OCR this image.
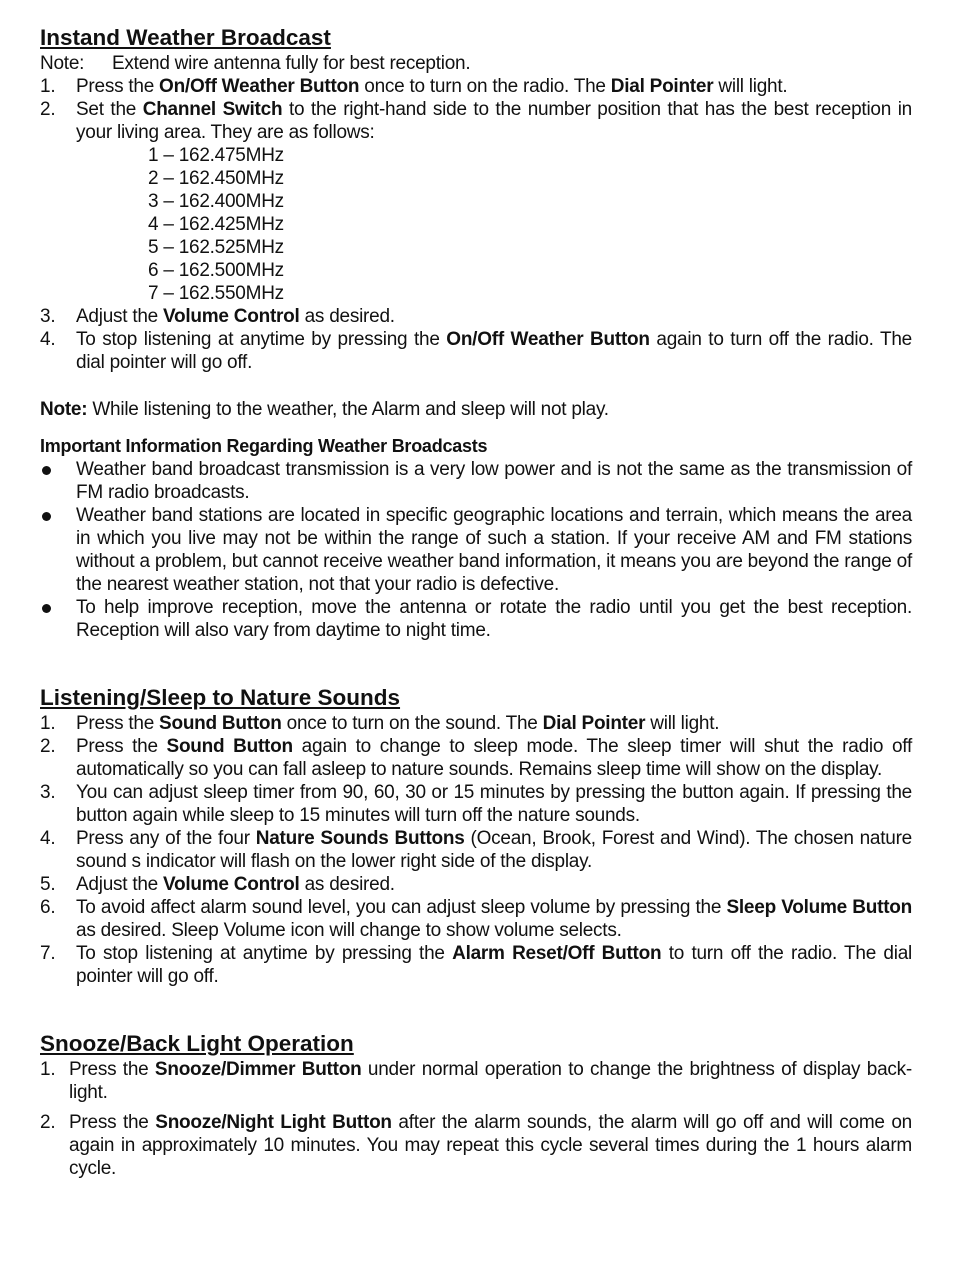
Instand Weather Broadcast

Note: Extend wire antenna fully for best reception.

1. Press the On/Off Weather Button once to turn on the radio. The Dial Pointer will light.
2. Set the Channel Switch to the right-hand side to the number position that has the best reception in your living area. They are as follows:
1 – 162.475MHz
2 – 162.450MHz
3 – 162.400MHz
4 – 162.425MHz
5 – 162.525MHz
6 – 162.500MHz
7 – 162.550MHz
3. Adjust the Volume Control as desired.
4. To stop listening at anytime by pressing the On/Off Weather Button again to turn off the radio. The dial pointer will go off.

Note: While listening to the weather, the Alarm and sleep will not play.

Important Information Regarding Weather Broadcasts

Weather band broadcast transmission is a very low power and is not the same as the transmission of FM radio broadcasts.
Weather band stations are located in specific geographic locations and terrain, which means the area in which you live may not be within the range of such a station. If your receive AM and FM stations without a problem, but cannot receive weather band information, it means you are beyond the range of the nearest weather station, not that your radio is defective.
To help improve reception, move the antenna or rotate the radio until you get the best reception. Reception will also vary from daytime to night time.
Listening/Sleep to Nature Sounds
1. Press the Sound Button once to turn on the sound. The Dial Pointer will light.
2. Press the Sound Button again to change to sleep mode. The sleep timer will shut the radio off automatically so you can fall asleep to nature sounds. Remains sleep time will show on the display.
3. You can adjust sleep timer from 90, 60, 30 or 15 minutes by pressing the button again. If pressing the button again while sleep to 15 minutes will turn off the nature sounds.
4. Press any of the four Nature Sounds Buttons (Ocean, Brook, Forest and Wind). The chosen nature sound s indicator will flash on the lower right side of the display.
5. Adjust the Volume Control as desired.
6. To avoid affect alarm sound level, you can adjust sleep volume by pressing the Sleep Volume Button as desired. Sleep Volume icon will change to show volume selects.
7. To stop listening at anytime by pressing the Alarm Reset/Off Button to turn off the radio. The dial pointer will go off.
Snooze/Back Light Operation
1. Press the Snooze/Dimmer Button under normal operation to change the brightness of display back-light.
2. Press the Snooze/Night Light Button after the alarm sounds, the alarm will go off and will come on again in approximately 10 minutes. You may repeat this cycle several times during the 1 hours alarm cycle.
